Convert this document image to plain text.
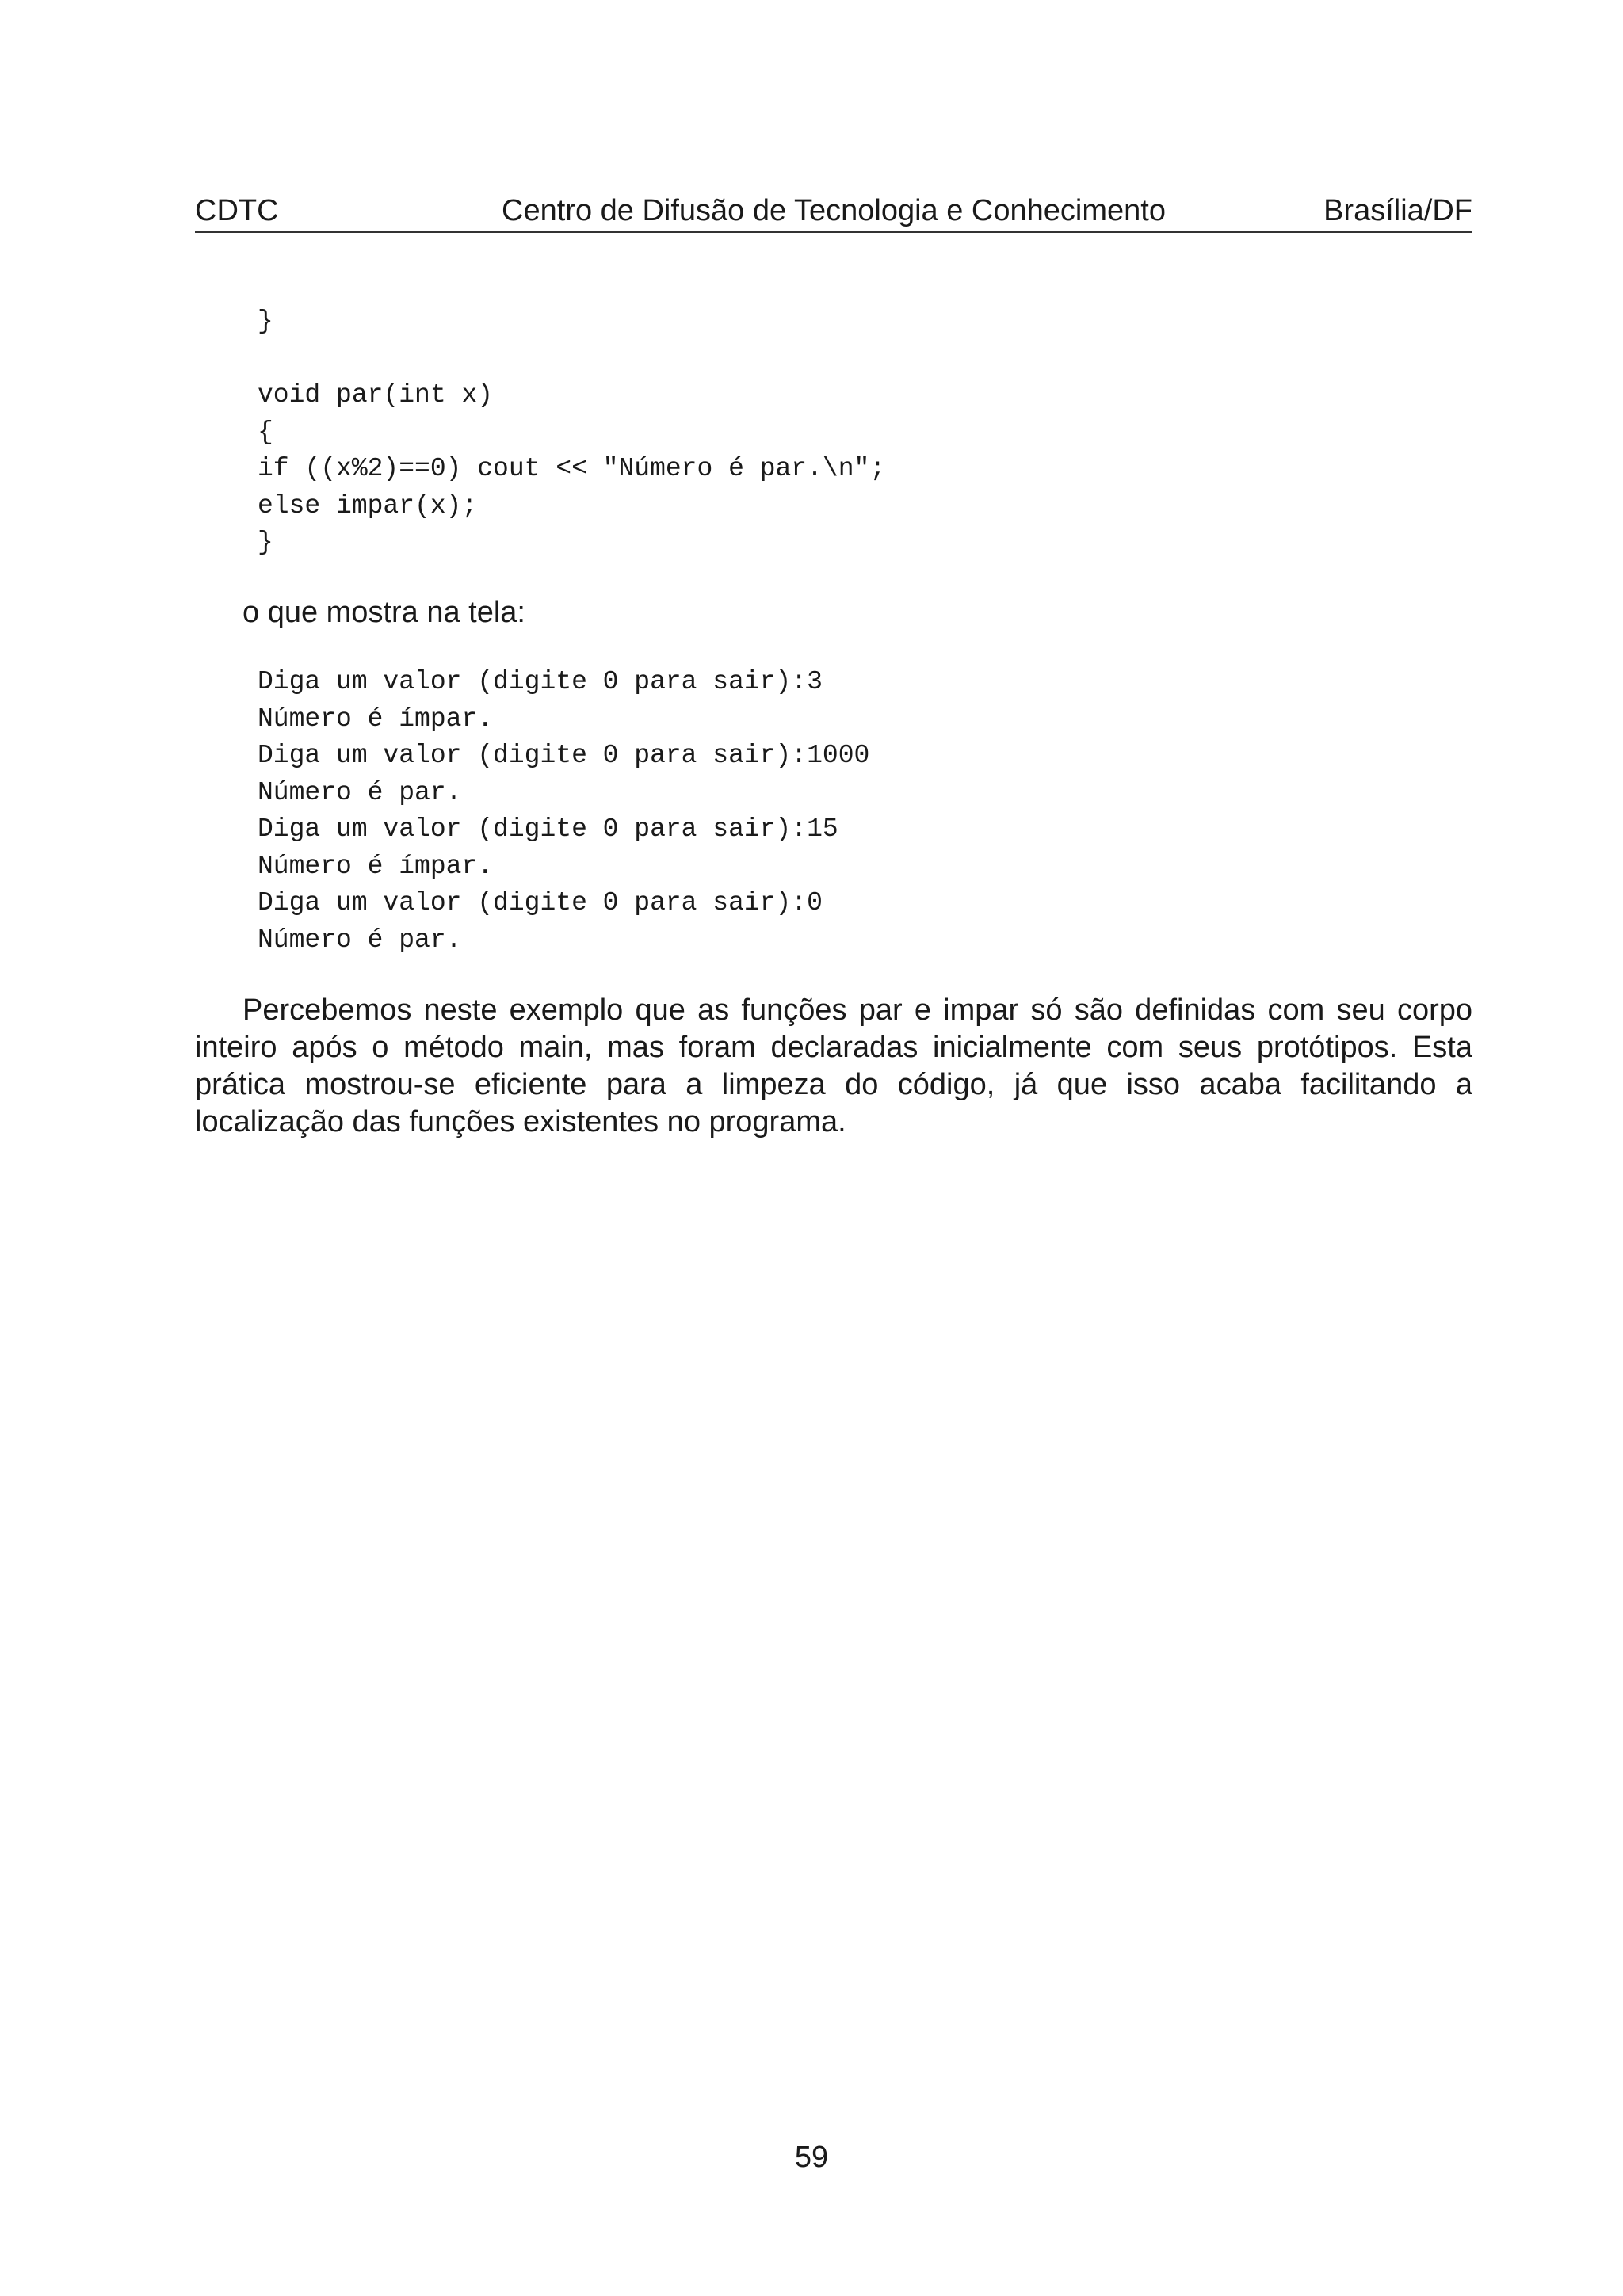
CDTC	Centro de Difusão de Tecnologia e Conhecimento	Brasília/DF
}
void par(int x)
{
if ((x%2)==0) cout << "Número é par.\n";
else impar(x);
}
o que mostra na tela:
Diga um valor (digite 0 para sair):3
Número é ímpar.
Diga um valor (digite 0 para sair):1000
Número é par.
Diga um valor (digite 0 para sair):15
Número é ímpar.
Diga um valor (digite 0 para sair):0
Número é par.

Percebemos neste exemplo que as funções par e impar só são definidas com seu corpo inteiro após o método main, mas foram declaradas inicialmente com seus protótipos. Esta prática mostrou-se eficiente para a limpeza do código, já que isso acaba facilitando a localização das funções existentes no programa.

59
